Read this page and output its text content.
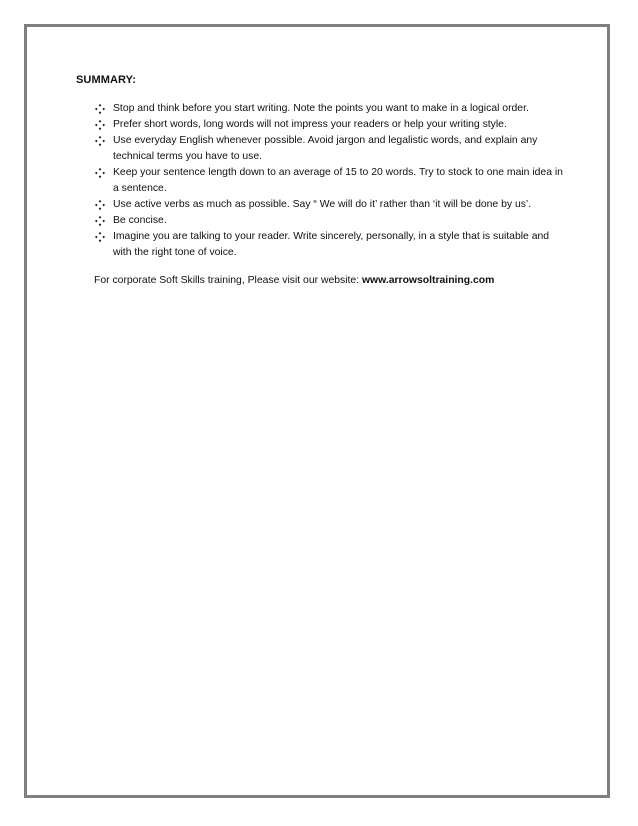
SUMMARY:
Stop and think before you start writing. Note the points you want to make in a logical order.
Prefer short words, long words will not impress your readers or help your writing style.
Use everyday English whenever possible. Avoid jargon and legalistic words, and explain any technical terms you have to use.
Keep your sentence length down to an average of 15 to 20 words. Try to stock to one main idea in a sentence.
Use active verbs as much as possible. Say “ We will do it’ rather than ‘it will be done by us’.
Be concise.
Imagine you are talking to your reader. Write sincerely, personally, in a style that is suitable and with the right tone of voice.
For corporate Soft Skills training, Please visit our website: www.arrowsoltraining.com
